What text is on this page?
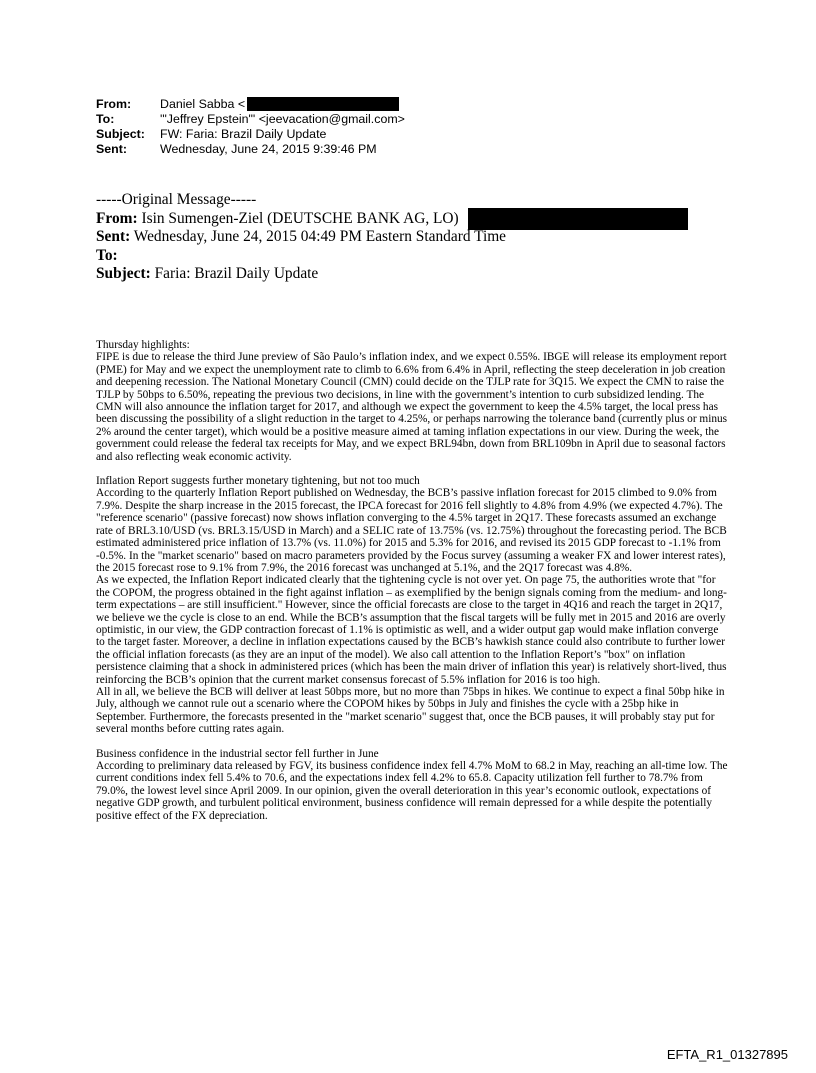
From:	Daniel Sabba <
To:	'"Jeffrey Epstein"' <jeevacation@gmail.com>
Subject:	FW: Faria: Brazil Daily Update
Sent:	Wednesday, June 24, 2015 9:39:46 PM
-----Original Message-----
From: Isin Sumengen-Ziel (DEUTSCHE BANK AG, LO)
Sent: Wednesday, June 24, 2015 04:49 PM Eastern Standard Time
To:
Subject: Faria: Brazil Daily Update

Thursday highlights:

FIPE is due to release the third June preview of São Paulo’s inflation index, and we expect 0.55%. IBGE will release its employment report (PME) for May and we expect the unemployment rate to climb to 6.6% from 6.4% in April, reflecting the steep deceleration in job creation and deepening recession. The National Monetary Council (CMN) could decide on the TJLP rate for 3Q15. We expect the CMN to raise the TJLP by 50bps to 6.50%, repeating the previous two decisions, in line with the government’s intention to curb subsidized lending. The CMN will also announce the inflation target for 2017, and although we expect the government to keep the 4.5% target, the local press has been discussing the possibility of a slight reduction in the target to 4.25%, or perhaps narrowing the tolerance band (currently plus or minus 2% around the center target), which would be a positive measure aimed at taming inflation expectations in our view. During the week, the government could release the federal tax receipts for May, and we expect BRL94bn, down from BRL109bn in April due to seasonal factors and also reflecting weak economic activity.

Inflation Report suggests further monetary tightening, but not too much

According to the quarterly Inflation Report published on Wednesday, the BCB’s passive inflation forecast for 2015 climbed to 9.0% from 7.9%. Despite the sharp increase in the 2015 forecast, the IPCA forecast for 2016 fell slightly to 4.8% from 4.9% (we expected 4.7%). The "reference scenario" (passive forecast) now shows inflation converging to the 4.5% target in 2Q17. These forecasts assumed an exchange rate of BRL3.10/USD (vs. BRL3.15/USD in March) and a SELIC rate of 13.75% (vs. 12.75%) throughout the forecasting period. The BCB estimated administered price inflation of 13.7% (vs. 11.0%) for 2015 and 5.3% for 2016, and revised its 2015 GDP forecast to -1.1% from -0.5%. In the "market scenario" based on macro parameters provided by the Focus survey (assuming a weaker FX and lower interest rates), the 2015 forecast rose to 9.1% from 7.9%, the 2016 forecast was unchanged at 5.1%, and the 2Q17 forecast was 4.8%.

As we expected, the Inflation Report indicated clearly that the tightening cycle is not over yet. On page 75, the authorities wrote that "for the COPOM, the progress obtained in the fight against inflation – as exemplified by the benign signals coming from the medium- and long-term expectations – are still insufficient." However, since the official forecasts are close to the target in 4Q16 and reach the target in 2Q17, we believe we the cycle is close to an end. While the BCB’s assumption that the fiscal targets will be fully met in 2015 and 2016 are overly optimistic, in our view, the GDP contraction forecast of 1.1% is optimistic as well, and a wider output gap would make inflation converge to the target faster. Moreover, a decline in inflation expectations caused by the BCB’s hawkish stance could also contribute to further lower the official inflation forecasts (as they are an input of the model). We also call attention to the Inflation Report’s "box" on inflation persistence claiming that a shock in administered prices (which has been the main driver of inflation this year) is relatively short-lived, thus reinforcing the BCB’s opinion that the current market consensus forecast of 5.5% inflation for 2016 is too high.

All in all, we believe the BCB will deliver at least 50bps more, but no more than 75bps in hikes. We continue to expect a final 50bp hike in July, although we cannot rule out a scenario where the COPOM hikes by 50bps in July and finishes the cycle with a 25bp hike in September. Furthermore, the forecasts presented in the "market scenario" suggest that, once the BCB pauses, it will probably stay put for several months before cutting rates again.

Business confidence in the industrial sector fell further in June

According to preliminary data released by FGV, its business confidence index fell 4.7% MoM to 68.2 in May, reaching an all-time low. The current conditions index fell 5.4% to 70.6, and the expectations index fell 4.2% to 65.8. Capacity utilization fell further to 78.7% from 79.0%, the lowest level since April 2009. In our opinion, given the overall deterioration in this year’s economic outlook, expectations of negative GDP growth, and turbulent political environment, business confidence will remain depressed for a while despite the potentially positive effect of the FX depreciation.

EFTA_R1_01327895
